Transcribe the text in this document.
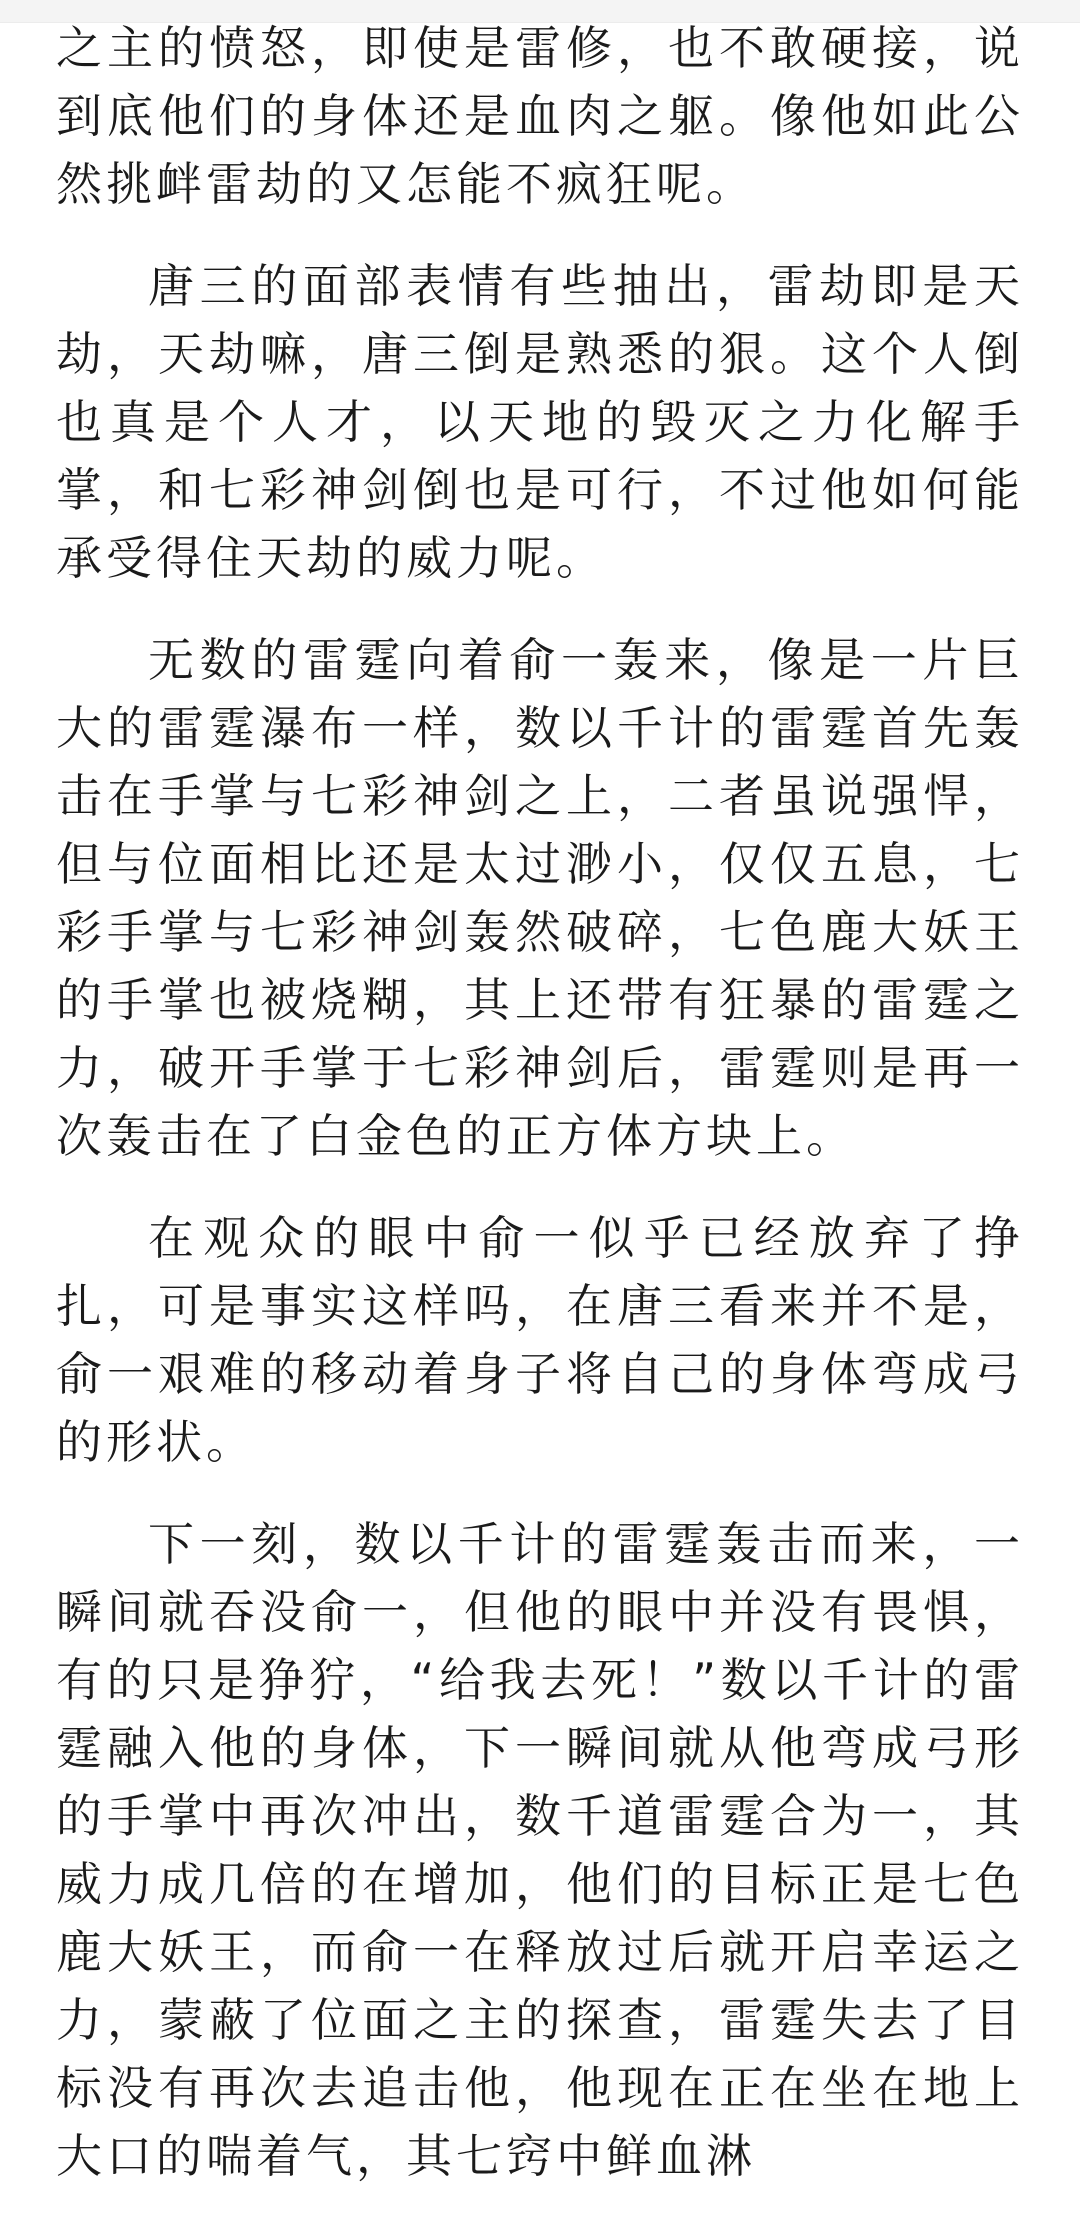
之主的愤怒，即使是雷修，也不敢硬接，说到底他们的身体还是血肉之躯。像他如此公然挑衅雷劫的又怎能不疯狂呢。

唐三的面部表情有些抽出，雷劫即是天劫，天劫嘛，唐三倒是熟悉的狠。这个人倒也真是个人才，以天地的毁灭之力化解手掌，和七彩神剑倒也是可行，不过他如何能承受得住天劫的威力呢。

无数的雷霆向着俞一轰来，像是一片巨大的雷霆瀑布一样，数以千计的雷霆首先轰击在手掌与七彩神剑之上，二者虽说强悍，但与位面相比还是太过渺小，仅仅五息，七彩手掌与七彩神剑轰然破碎，七色鹿大妖王的手掌也被烧糊，其上还带有狂暴的雷霆之力，破开手掌于七彩神剑后，雷霆则是再一次轰击在了白金色的正方体方块上。

在观众的眼中俞一似乎已经放弃了挣扎，可是事实这样吗，在唐三看来并不是，俞一艰难的移动着身子将自己的身体弯成弓的形状。

下一刻，数以千计的雷霆轰击而来，一瞬间就吞没俞一，但他的眼中并没有畏惧，有的只是狰狞，“给我去死！”数以千计的雷霆融入他的身体，下一瞬间就从他弯成弓形的手掌中再次冲出，数千道雷霆合为一，其威力成几倍的在增加，他们的目标正是七色鹿大妖王，而俞一在释放过后就开启幸运之力，蒙蔽了位面之主的探查，雷霆失去了目标没有再次去追击他，他现在正在坐在地上大口的喘着气，其七窍中鲜血淋
